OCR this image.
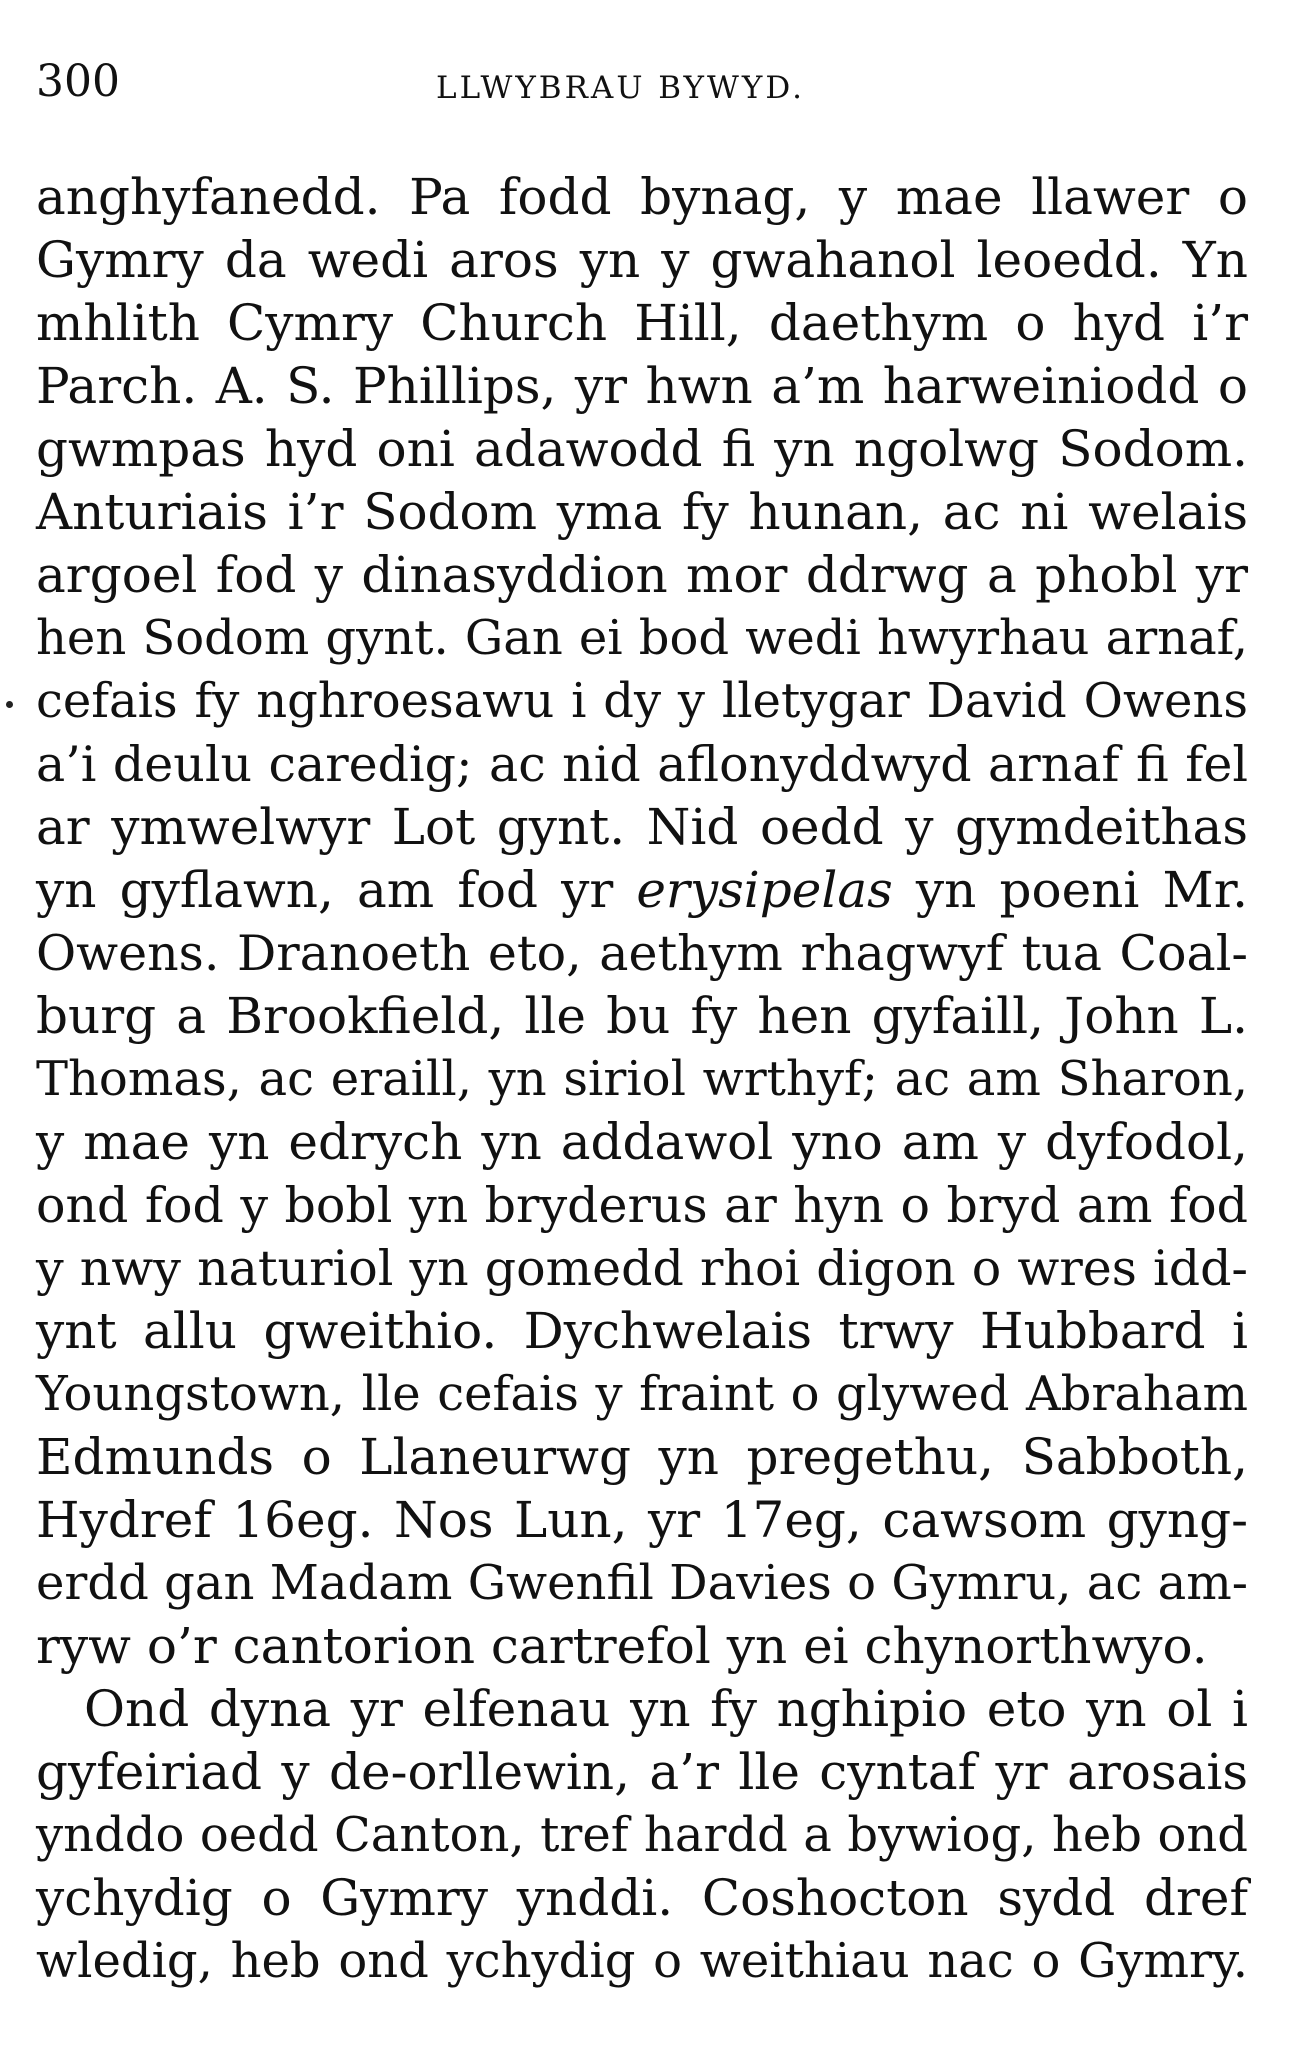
300	LLWYBRAU BYWYD.
anghyfanedd. Pa fodd bynag, y mae llawer o
Gymry da wedi aros yn y gwahanol leoedd. Yn
mhlith Cymry Church Hill, daethym o hyd i’r
Parch. A. S. Phillips, yr hwn a’m harweiniodd o
gwmpas hyd oni adawodd fi yn ngolwg Sodom.
Anturiais i’r Sodom yma fy hunan, ac ni welais
argoel fod y dinasyddion mor ddrwg a phobl yr
hen Sodom gynt. Gan ei bod wedi hwyrhau arnaf,
cefais fy nghroesawu i dy y lletygar David Owens
a’i deulu caredig; ac nid aflonyddwyd arnaf fi fel
ar ymwelwyr Lot gynt. Nid oedd y gymdeithas
yn gyflawn, am fod yr erysipelas yn poeni Mr.
Owens. Dranoeth eto, aethym rhagwyf tua Coal-
burg a Brookfield, lle bu fy hen gyfaill, John L.
Thomas, ac eraill, yn siriol wrthyf; ac am Sharon,
y mae yn edrych yn addawol yno am y dyfodol,
ond fod y bobl yn bryderus ar hyn o bryd am fod
y nwy naturiol yn gomedd rhoi digon o wres idd-
ynt allu gweithio. Dychwelais trwy Hubbard i
Youngstown, lle cefais y fraint o glywed Abraham
Edmunds o Llaneurwg yn pregethu, Sabboth,
Hydref 16eg. Nos Lun, yr 17eg, cawsom gyng-
erdd gan Madam Gwenfil Davies o Gymru, ac am-
ryw o’r cantorion cartrefol yn ei chynorthwyo.
Ond dyna yr elfenau yn fy nghipio eto yn ol i
gyfeiriad y de-orllewin, a’r lle cyntaf yr arosais
ynddo oedd Canton, tref hardd a bywiog, heb ond
ychydig o Gymry ynddi. Coshocton sydd dref
wledig, heb ond ychydig o weithiau nac o Gymry.
